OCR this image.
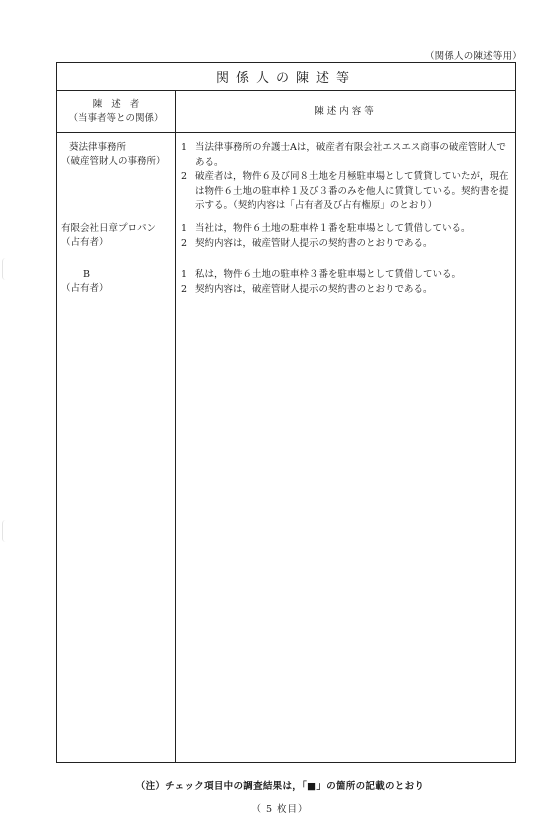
（関係人の陳述等用）
関係人の陳述等
陳述者
（当事者等との関係）
陳述内容等
葵法律事務所
（破産管財人の事務所）
1 当法律事務所の弁護士Aは，破産者有限会社エスエス商事の破産管財人である。
2 破産者は，物件６及び同８土地を月極駐車場として賃貸していたが，現在は物件６土地の駐車枠１及び３番のみを他人に賃貸している。契約書を提示する。（契約内容は「占有者及び占有権原」のとおり）
有限会社日章プロパン
（占有者）
1 当社は，物件６土地の駐車枠１番を駐車場として賃借している。
2 契約内容は，破産管財人提示の契約書のとおりである。
B
（占有者）
1 私は，物件６土地の駐車枠３番を駐車場として賃借している。
2 契約内容は，破産管財人提示の契約書のとおりである。
（注）チェック項目中の調査結果は，「■」の箇所の記載のとおり
（ 5 枚目）
